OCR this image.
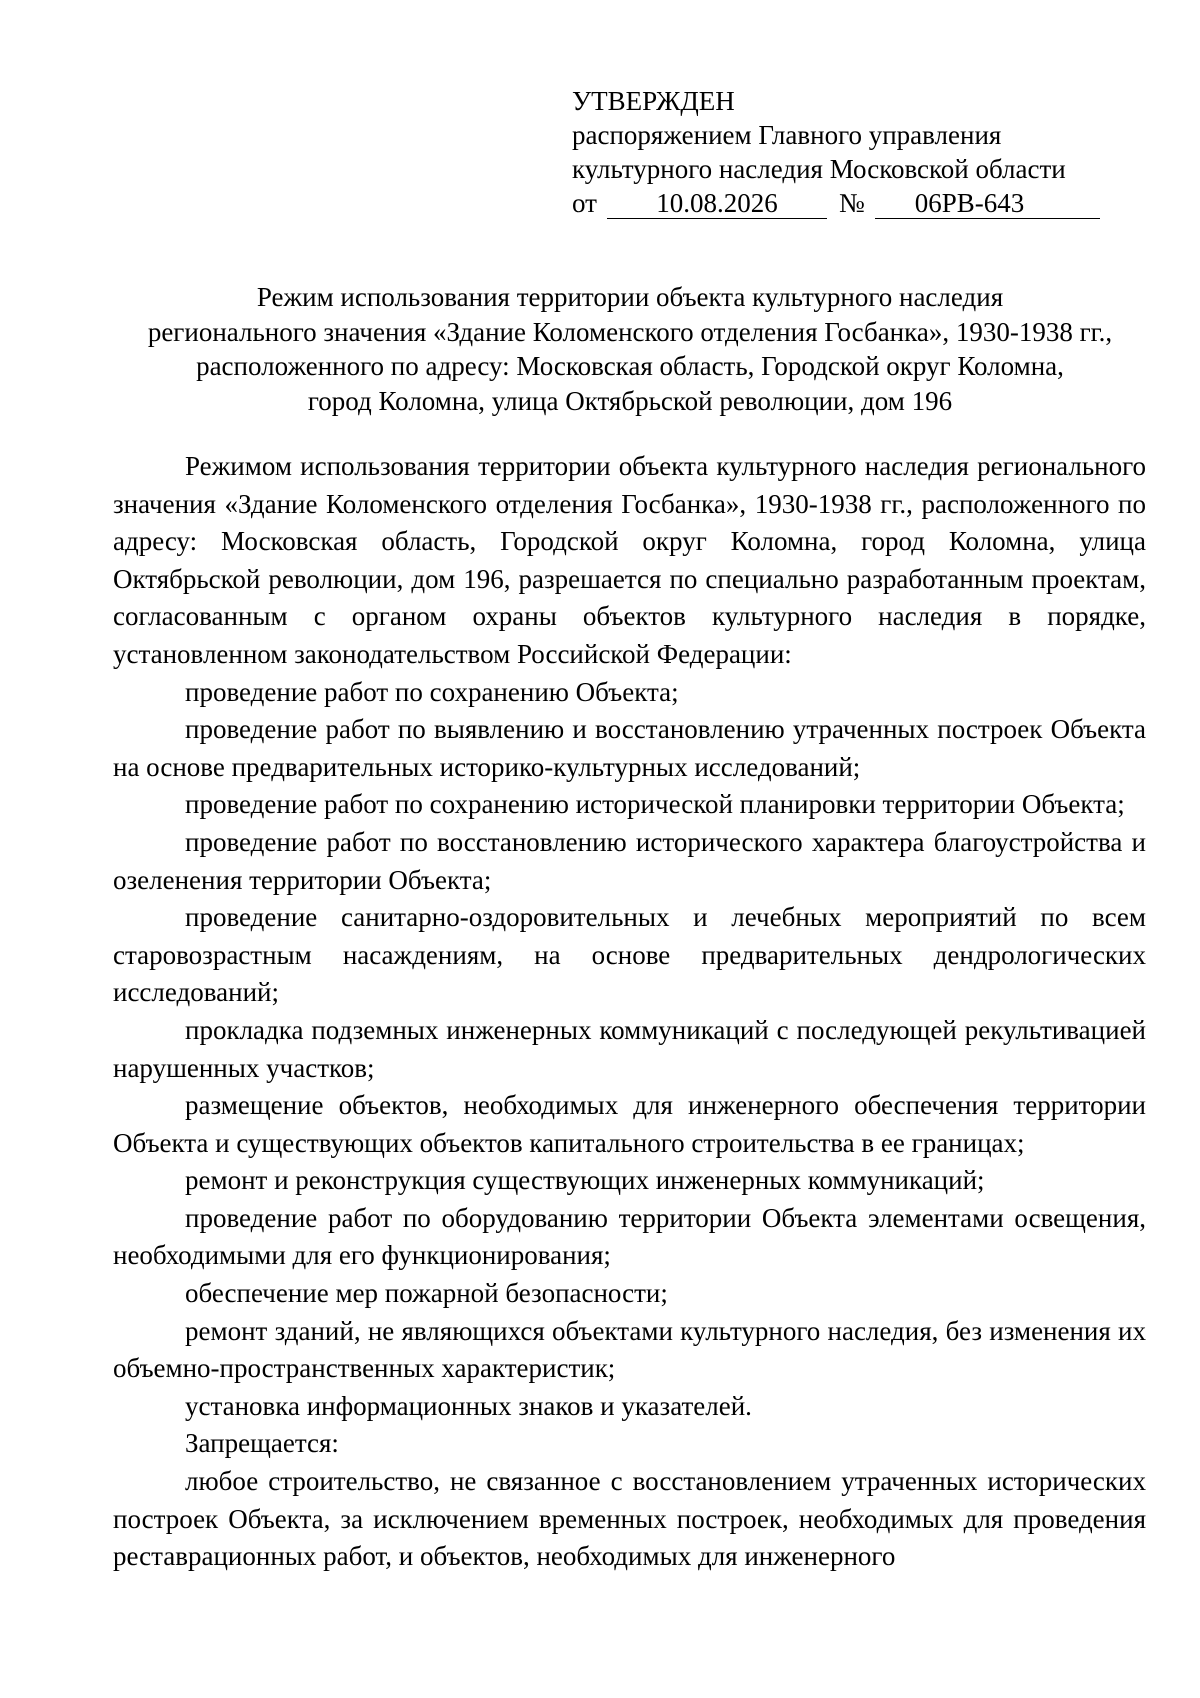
УТВЕРЖДЕН
распоряжением Главного управления
культурного наследия Московской области
от	10.08.2026	№	06РВ-643
Режим использования территории объекта культурного наследия
регионального значения «Здание Коломенского отделения Госбанка», 1930-1938 гг.,
расположенного по адресу: Московская область, Городской округ Коломна,
город Коломна, улица Октябрьской революции, дом 196

Режимом использования территории объекта культурного наследия регионального значения «Здание Коломенского отделения Госбанка», 1930-1938 гг., расположенного по адресу: Московская область, Городской округ Коломна, город Коломна, улица Октябрьской революции, дом 196, разрешается по специально разработанным проектам, согласованным с органом охраны объектов культурного наследия в порядке, установленном законодательством Российской Федерации:

проведение работ по сохранению Объекта;

проведение работ по выявлению и восстановлению утраченных построек Объекта на основе предварительных историко-культурных исследований;

проведение работ по сохранению исторической планировки территории Объекта;

проведение работ по восстановлению исторического характера благоустройства и озеленения территории Объекта;

проведение санитарно-оздоровительных и лечебных мероприятий по всем старовозрастным насаждениям, на основе предварительных дендрологических исследований;

прокладка подземных инженерных коммуникаций с последующей рекультивацией нарушенных участков;

размещение объектов, необходимых для инженерного обеспечения территории Объекта и существующих объектов капитального строительства в ее границах;

ремонт и реконструкция существующих инженерных коммуникаций;

проведение работ по оборудованию территории Объекта элементами освещения, необходимыми для его функционирования;

обеспечение мер пожарной безопасности;

ремонт зданий, не являющихся объектами культурного наследия, без изменения их объемно-пространственных характеристик;

установка информационных знаков и указателей.

Запрещается:

любое строительство, не связанное с восстановлением утраченных исторических построек Объекта, за исключением временных построек, необходимых для проведения реставрационных работ, и объектов, необходимых для инженерного
